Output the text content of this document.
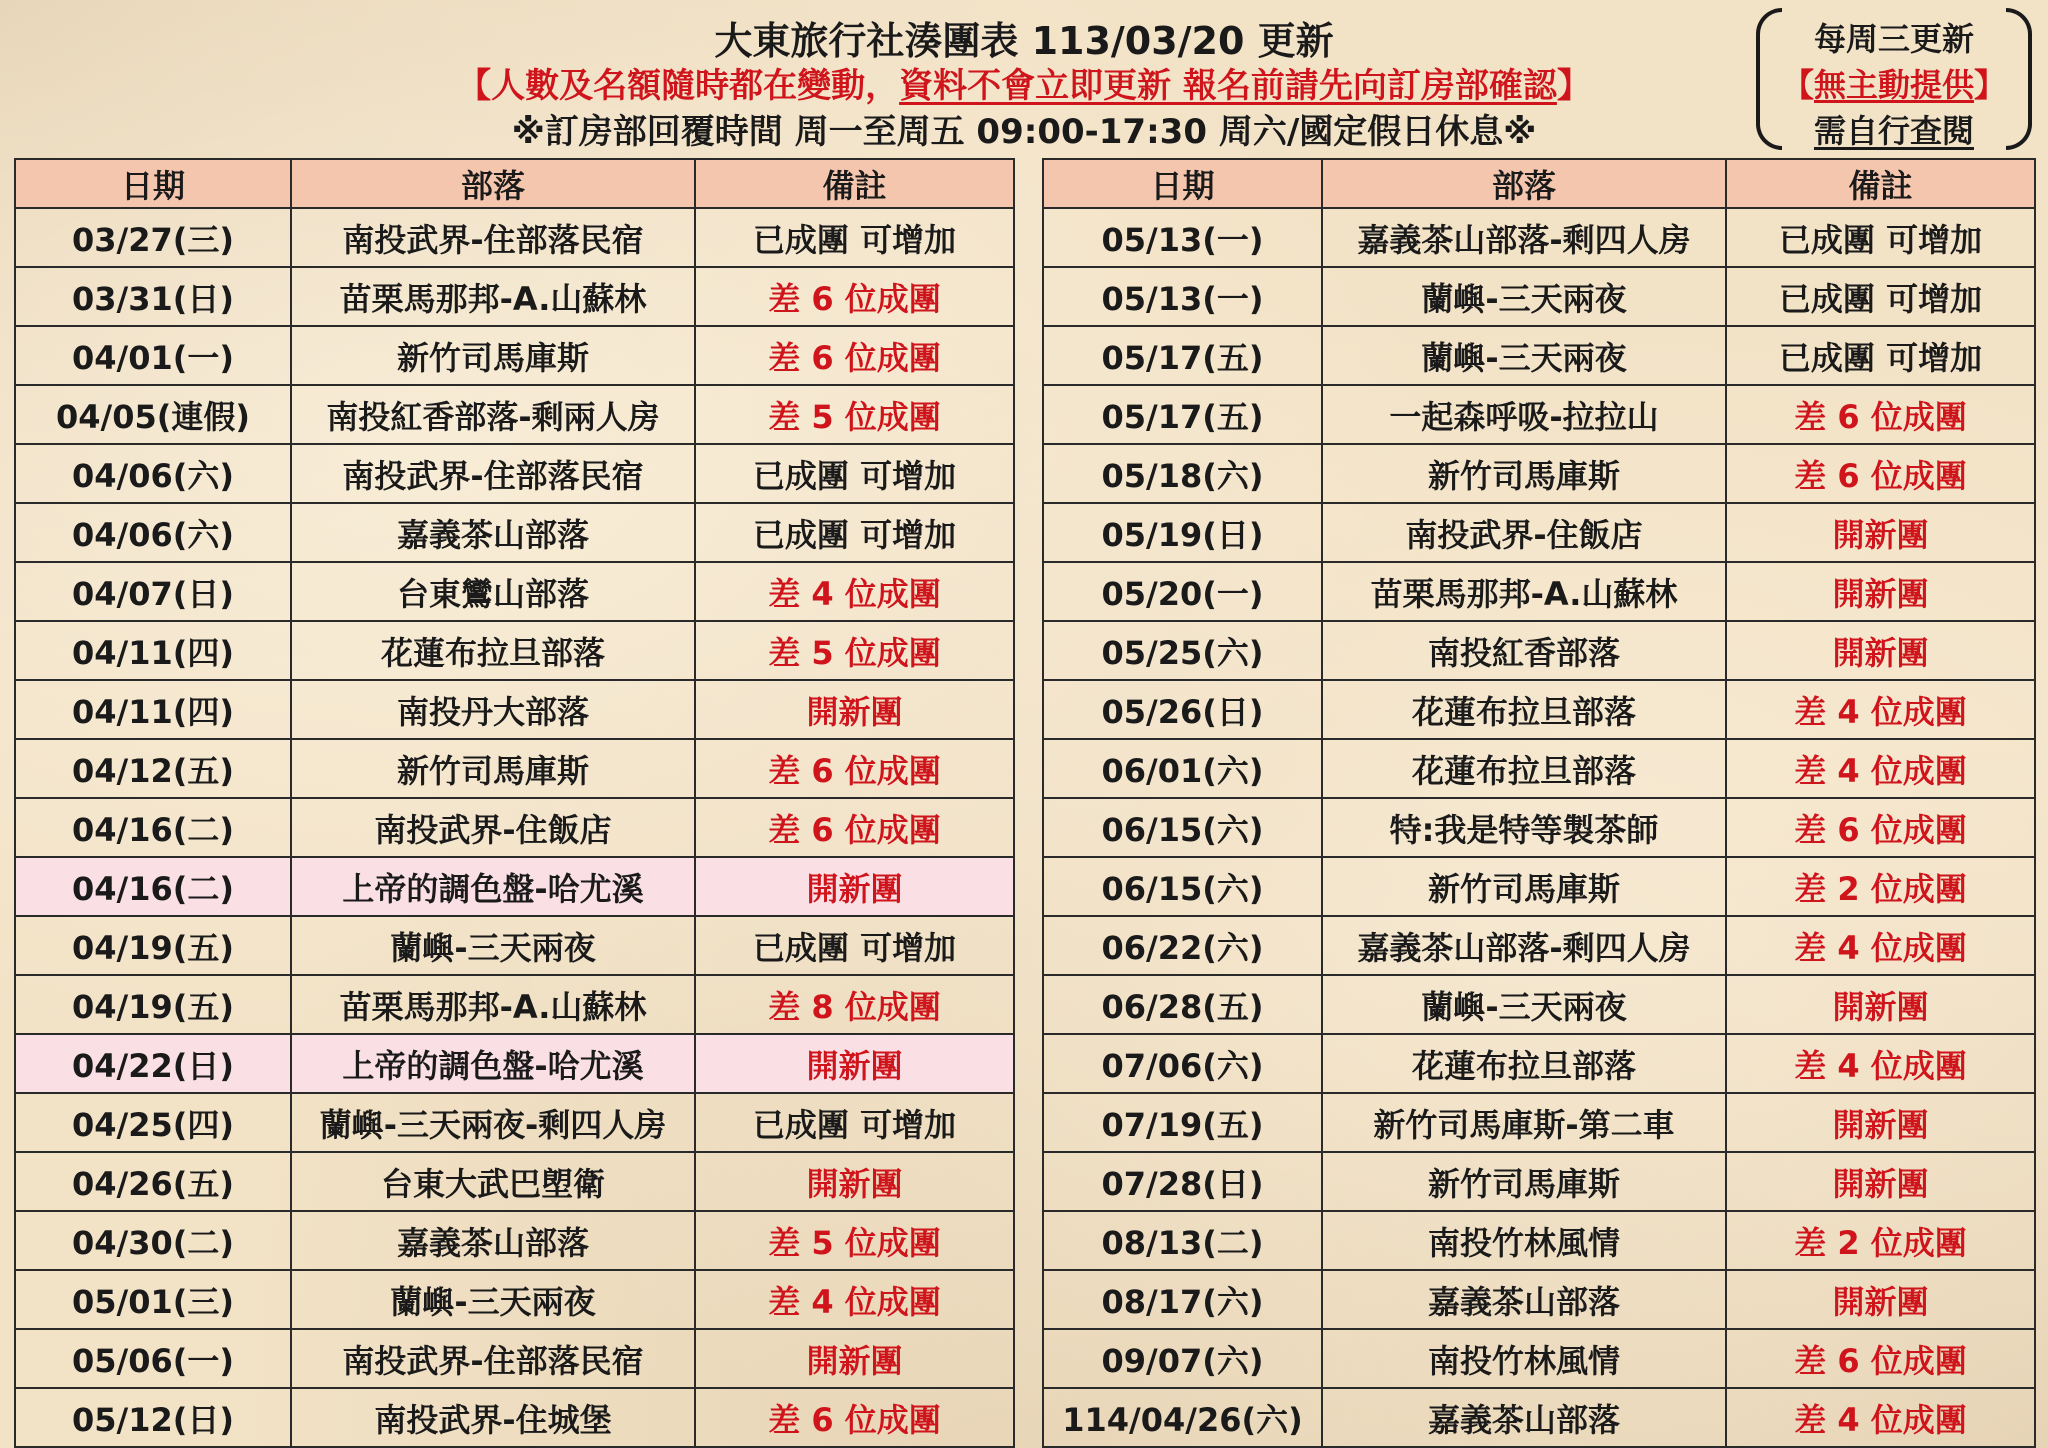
大東旅行社湊團表 113/03/20 更新
【人數及名額隨時都在變動，資料不會立即更新 報名前請先向訂房部確認】
※訂房部回覆時間 周一至周五 09:00-17:30 周六/國定假日休息※
每周三更新
【無主動提供】
需自行查閱
日期	部落	備註
03/27(三)	南投武界-住部落民宿	已成團 可增加
03/31(日)	苗栗馬那邦-A.山蘇林	差 6 位成團
04/01(一)	新竹司馬庫斯	差 6 位成團
04/05(連假)	南投紅香部落-剩兩人房	差 5 位成團
04/06(六)	南投武界-住部落民宿	已成團 可增加
04/06(六)	嘉義茶山部落	已成團 可增加
04/07(日)	台東鸞山部落	差 4 位成團
04/11(四)	花蓮布拉旦部落	差 5 位成團
04/11(四)	南投丹大部落	開新團
04/12(五)	新竹司馬庫斯	差 6 位成團
04/16(二)	南投武界-住飯店	差 6 位成團
04/16(二)	上帝的調色盤-哈尤溪	開新團
04/19(五)	蘭嶼-三天兩夜	已成團 可增加
04/19(五)	苗栗馬那邦-A.山蘇林	差 8 位成團
04/22(日)	上帝的調色盤-哈尤溪	開新團
04/25(四)	蘭嶼-三天兩夜-剩四人房	已成團 可增加
04/26(五)	台東大武巴塱衛	開新團
04/30(二)	嘉義茶山部落	差 5 位成團
05/01(三)	蘭嶼-三天兩夜	差 4 位成團
05/06(一)	南投武界-住部落民宿	開新團
05/12(日)	南投武界-住城堡	差 6 位成團
日期	部落	備註
05/13(一)	嘉義茶山部落-剩四人房	已成團 可增加
05/13(一)	蘭嶼-三天兩夜	已成團 可增加
05/17(五)	蘭嶼-三天兩夜	已成團 可增加
05/17(五)	一起森呼吸-拉拉山	差 6 位成團
05/18(六)	新竹司馬庫斯	差 6 位成團
05/19(日)	南投武界-住飯店	開新團
05/20(一)	苗栗馬那邦-A.山蘇林	開新團
05/25(六)	南投紅香部落	開新團
05/26(日)	花蓮布拉旦部落	差 4 位成團
06/01(六)	花蓮布拉旦部落	差 4 位成團
06/15(六)	特:我是特等製茶師	差 6 位成團
06/15(六)	新竹司馬庫斯	差 2 位成團
06/22(六)	嘉義茶山部落-剩四人房	差 4 位成團
06/28(五)	蘭嶼-三天兩夜	開新團
07/06(六)	花蓮布拉旦部落	差 4 位成團
07/19(五)	新竹司馬庫斯-第二車	開新團
07/28(日)	新竹司馬庫斯	開新團
08/13(二)	南投竹林風情	差 2 位成團
08/17(六)	嘉義茶山部落	開新團
09/07(六)	南投竹林風情	差 6 位成團
114/04/26(六)	嘉義茶山部落	差 4 位成團
